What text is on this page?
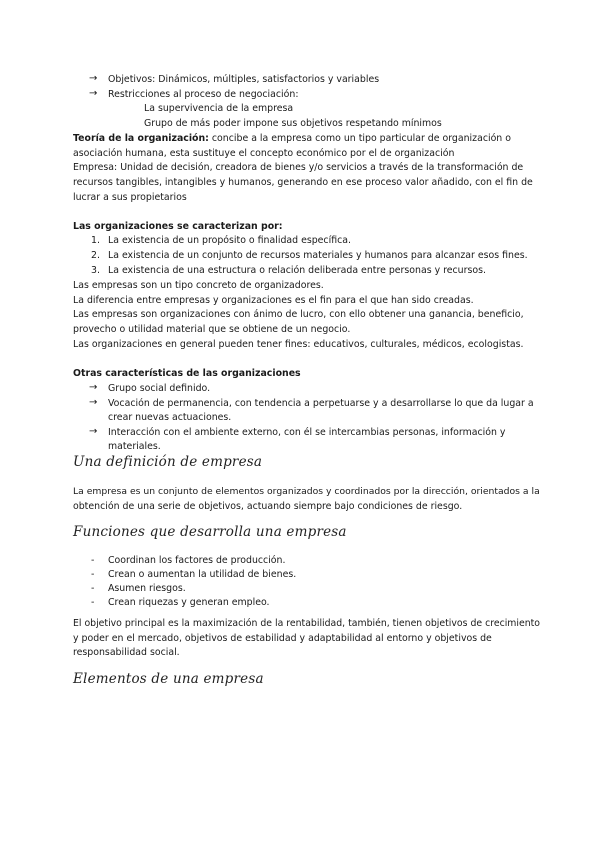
→ Objetivos: Dinámicos, múltiples, satisfactorios y variables
→ Restricciones al proceso de negociación:
La supervivencia de la empresa
Grupo de más poder impone sus objetivos respetando mínimos
Teoría de la organización: concibe a la empresa como un tipo particular de organización o
asociación humana, esta sustituye el concepto económico por el de organización
Empresa: Unidad de decisión, creadora de bienes y/o servicios a través de la transformación de
recursos tangibles, intangibles y humanos, generando en ese proceso valor añadido, con el fin de
lucrar a sus propietarios
Las organizaciones se caracterizan por:
1. La existencia de un propósito o finalidad específica.
2. La existencia de un conjunto de recursos materiales y humanos para alcanzar esos fines.
3. La existencia de una estructura o relación deliberada entre personas y recursos.
Las empresas son un tipo concreto de organizadores.
La diferencia entre empresas y organizaciones es el fin para el que han sido creadas.
Las empresas son organizaciones con ánimo de lucro, con ello obtener una ganancia, beneficio,
provecho o utilidad material que se obtiene de un negocio.
Las organizaciones en general pueden tener fines: educativos, culturales, médicos, ecologistas.
Otras características de las organizaciones
→ Grupo social definido.
→ Vocación de permanencia, con tendencia a perpetuarse y a desarrollarse lo que da lugar a
crear nuevas actuaciones.
→ Interacción con el ambiente externo, con él se intercambias personas, información y
materiales.
Una definición de empresa
La empresa es un conjunto de elementos organizados y coordinados por la dirección, orientados a la
obtención de una serie de objetivos, actuando siempre bajo condiciones de riesgo.
Funciones que desarrolla una empresa
- Coordinan los factores de producción.
- Crean o aumentan la utilidad de bienes.
- Asumen riesgos.
- Crean riquezas y generan empleo.
El objetivo principal es la maximización de la rentabilidad, también, tienen objetivos de crecimiento
y poder en el mercado, objetivos de estabilidad y adaptabilidad al entorno y objetivos de
responsabilidad social.
Elementos de una empresa
